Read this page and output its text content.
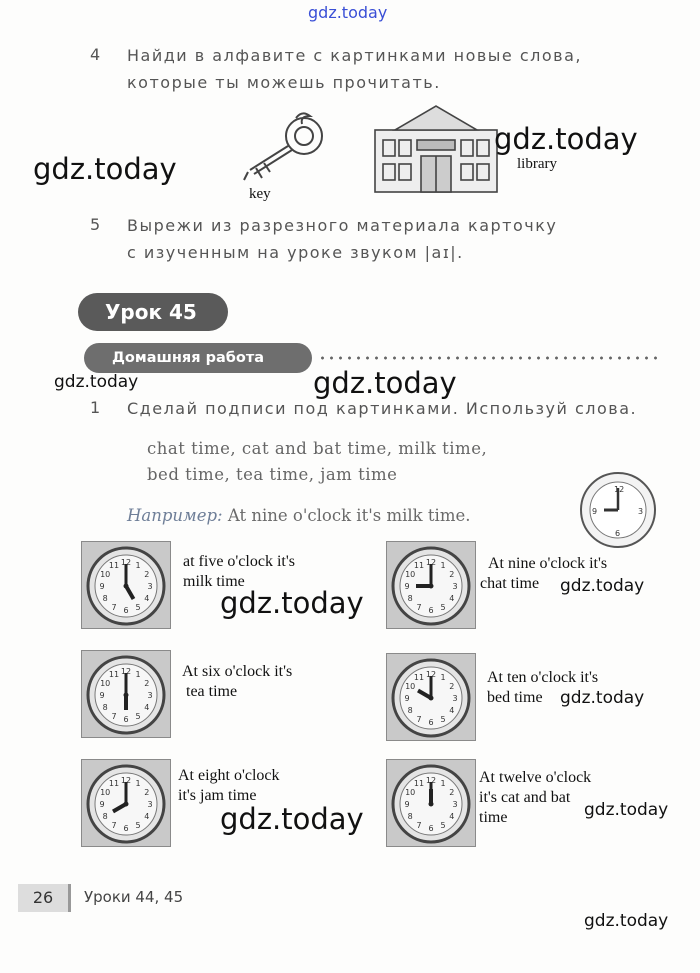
gdz.today
4 Найди в алфавите с картинками новые слова,
которые ты можешь прочитать.
key
library
gdz.today
gdz.today
5 Вырежи из разрезного материала карточку
с изученным на уроке звуком |aɪ|.
Урок 45
Домашняя работа
gdz.today	gdz.today
1 Сделай подписи под картинками. Используй слова.
chat time, cat and bat time, milk time,
bed time, tea time, jam time
Например: At nine o'clock it's milk time.
12
3
6
9
1
2
3
4
5
6
7
8
9
10
11 12	1
2
3
4
5
6
7
8
9
10
11 12
1
2
3
4
5
6
7
8
9
10
11 12
1
2
3
4
5
6
7
8
9
10
11 12
1
2
3
4
5
6
7
8
9
10
11 12	1
2
3
4
5
6
7
8
9
10
11 12
at five o'clock it's
milk time
At nine o'clock it's
chat time
At six o'clock it's
tea time
At ten o'clock it's
bed time
At eight o'clock
it's jam time
At twelve o'clock
it's cat and bat
time
gdz.today
gdz.today
gdz.today
gdz.today
gdz.today
26	Уроки 44, 45
gdz.today
